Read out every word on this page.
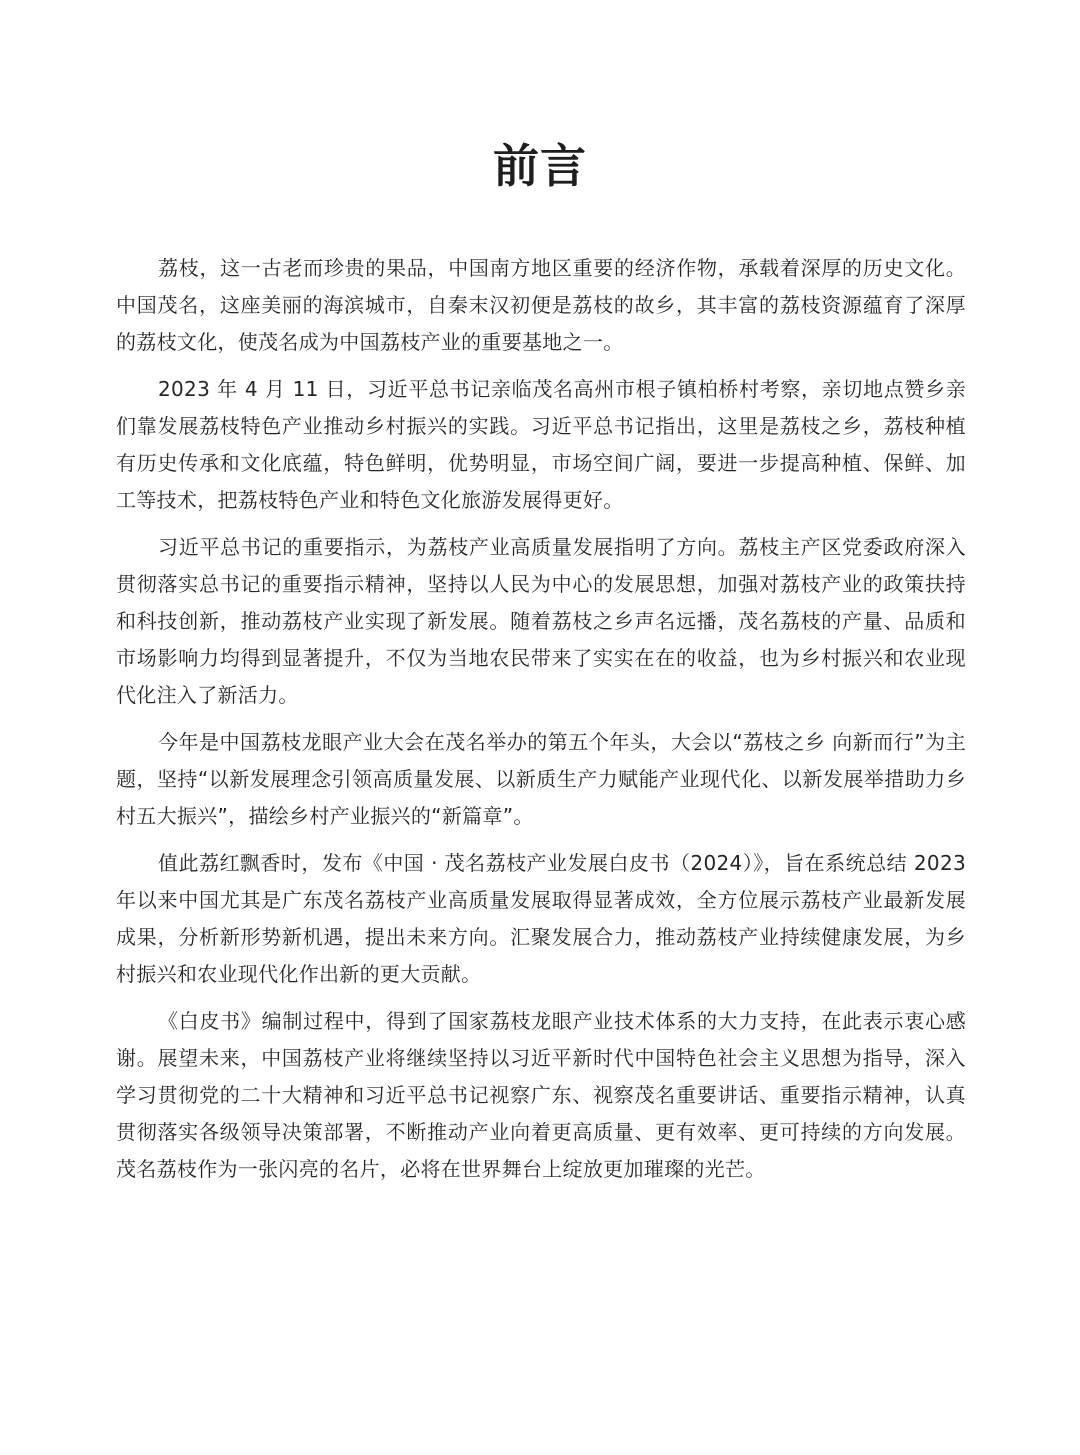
前言

荔枝，这一古老而珍贵的果品，中国南方地区重要的经济作物，承载着深厚的历史文化。中国茂名，这座美丽的海滨城市，自秦末汉初便是荔枝的故乡，其丰富的荔枝资源蕴育了深厚的荔枝文化，使茂名成为中国荔枝产业的重要基地之一。

2023 年 4 月 11 日，习近平总书记亲临茂名高州市根子镇柏桥村考察，亲切地点赞乡亲们靠发展荔枝特色产业推动乡村振兴的实践。习近平总书记指出，这里是荔枝之乡，荔枝种植有历史传承和文化底蕴，特色鲜明，优势明显，市场空间广阔，要进一步提高种植、保鲜、加工等技术，把荔枝特色产业和特色文化旅游发展得更好。

习近平总书记的重要指示，为荔枝产业高质量发展指明了方向。荔枝主产区党委政府深入贯彻落实总书记的重要指示精神，坚持以人民为中心的发展思想，加强对荔枝产业的政策扶持和科技创新，推动荔枝产业实现了新发展。随着荔枝之乡声名远播，茂名荔枝的产量、品质和市场影响力均得到显著提升，不仅为当地农民带来了实实在在的收益，也为乡村振兴和农业现代化注入了新活力。

今年是中国荔枝龙眼产业大会在茂名举办的第五个年头，大会以“荔枝之乡 向新而行”为主题，坚持“以新发展理念引领高质量发展、以新质生产力赋能产业现代化、以新发展举措助力乡村五大振兴”，描绘乡村产业振兴的“新篇章”。

值此荔红飘香时，发布《中国 · 茂名荔枝产业发展白皮书（2024）》，旨在系统总结 2023 年以来中国尤其是广东茂名荔枝产业高质量发展取得显著成效，全方位展示荔枝产业最新发展成果，分析新形势新机遇，提出未来方向。汇聚发展合力，推动荔枝产业持续健康发展，为乡村振兴和农业现代化作出新的更大贡献。

《白皮书》编制过程中，得到了国家荔枝龙眼产业技术体系的大力支持，在此表示衷心感谢。展望未来，中国荔枝产业将继续坚持以习近平新时代中国特色社会主义思想为指导，深入学习贯彻党的二十大精神和习近平总书记视察广东、视察茂名重要讲话、重要指示精神，认真贯彻落实各级领导决策部署，不断推动产业向着更高质量、更有效率、更可持续的方向发展。茂名荔枝作为一张闪亮的名片，必将在世界舞台上绽放更加璀璨的光芒。
